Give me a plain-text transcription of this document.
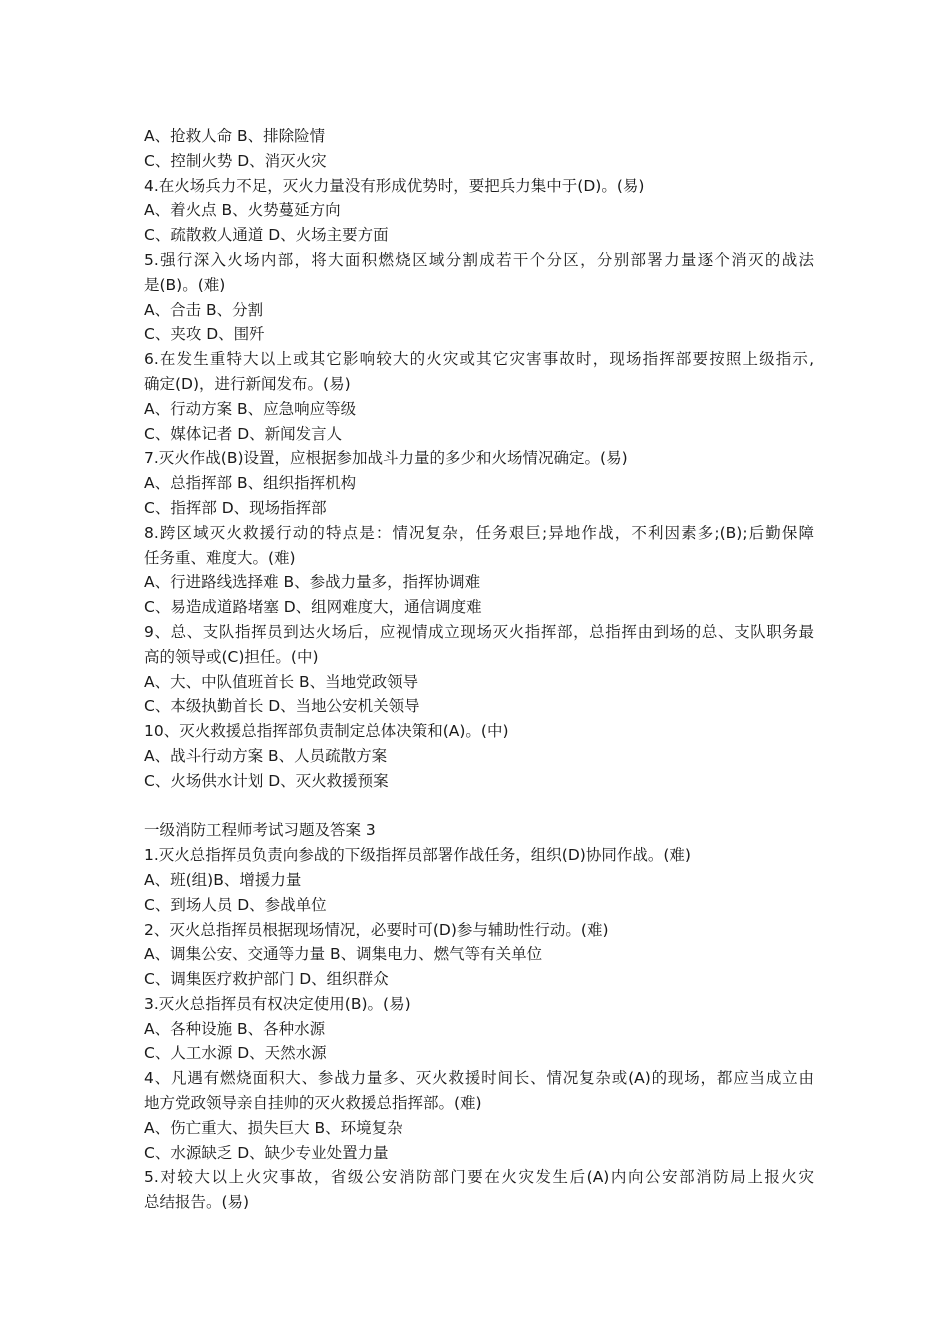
A、抢救人命 B、排除险情
C、控制火势 D、消灭火灾
4.在火场兵力不足，灭火力量没有形成优势时，要把兵力集中于(D)。(易)
A、着火点 B、火势蔓延方向
C、疏散救人通道 D、火场主要方面
5.强行深入火场内部，将大面积燃烧区域分割成若干个分区，分别部署力量逐个消灭的战法
是(B)。(难)
A、合击 B、分割
C、夹攻 D、围歼
6.在发生重特大以上或其它影响较大的火灾或其它灾害事故时，现场指挥部要按照上级指示,
确定(D)，进行新闻发布。(易)
A、行动方案 B、应急响应等级
C、媒体记者 D、新闻发言人
7.灭火作战(B)设置，应根据参加战斗力量的多少和火场情况确定。(易)
A、总指挥部 B、组织指挥机构
C、指挥部 D、现场指挥部
8.跨区域灭火救援行动的特点是：情况复杂，任务艰巨;异地作战，不利因素多;(B);后勤保障
任务重、难度大。(难)
A、行进路线选择难 B、参战力量多，指挥协调难
C、易造成道路堵塞 D、组网难度大，通信调度难
9、总、支队指挥员到达火场后，应视情成立现场灭火指挥部，总指挥由到场的总、支队职务最
高的领导或(C)担任。(中)
A、大、中队值班首长 B、当地党政领导
C、本级执勤首长 D、当地公安机关领导
10、灭火救援总指挥部负责制定总体决策和(A)。(中)
A、战斗行动方案 B、人员疏散方案
C、火场供水计划 D、灭火救援预案
一级消防工程师考试习题及答案 3
1.灭火总指挥员负责向参战的下级指挥员部署作战任务，组织(D)协同作战。(难)
A、班(组)B、增援力量
C、到场人员 D、参战单位
2、灭火总指挥员根据现场情况，必要时可(D)参与辅助性行动。(难)
A、调集公安、交通等力量 B、调集电力、燃气等有关单位
C、调集医疗救护部门 D、组织群众
3.灭火总指挥员有权决定使用(B)。(易)
A、各种设施 B、各种水源
C、人工水源 D、天然水源
4、凡遇有燃烧面积大、参战力量多、灭火救援时间长、情况复杂或(A)的现场，都应当成立由
地方党政领导亲自挂帅的灭火救援总指挥部。(难)
A、伤亡重大、损失巨大 B、环境复杂
C、水源缺乏 D、缺少专业处置力量
5.对较大以上火灾事故，省级公安消防部门要在火灾发生后(A)内向公安部消防局上报火灾
总结报告。(易)
